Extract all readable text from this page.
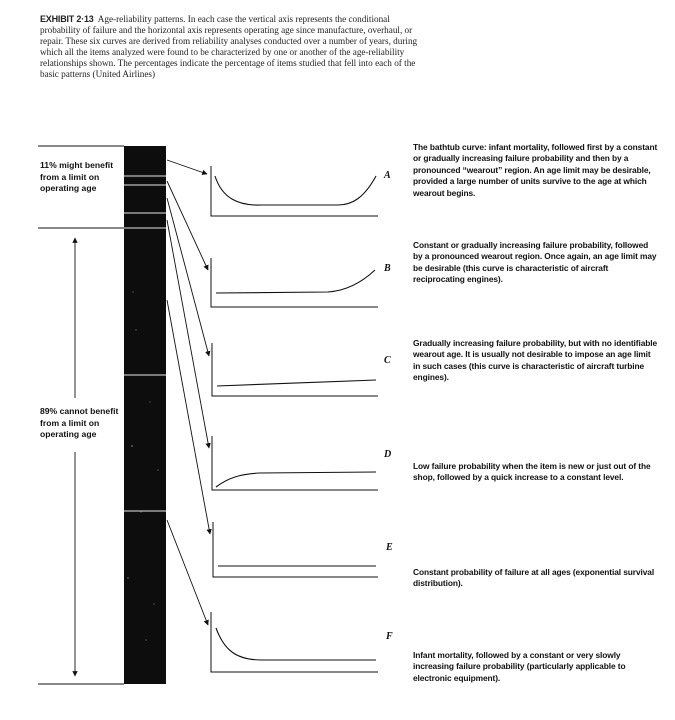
EXHIBIT 2·13 Age-reliability patterns. In each case the vertical axis represents the conditional probability of failure and the horizontal axis represents operating age since manufacture, overhaul, or repair. These six curves are derived from reliability analyses conducted over a number of years, during which all the items analyzed were found to be characterized by one or another of the age-reliability relationships shown. The percentages indicate the percentage of items studied that fell into each of the basic patterns (United Airlines)
11% might benefit from a limit on operating age
89% cannot benefit from a limit on operating age
A
B
C
D
E
F
The bathtub curve: infant mortality, followed first by a constant or gradually increasing failure probability and then by a pronounced “wearout” region. An age limit may be desirable, provided a large number of units survive to the age at which wearout begins.
Constant or gradually increasing failure probability, followed by a pronounced wearout region. Once again, an age limit may be desirable (this curve is characteristic of aircraft reciprocating engines).
Gradually increasing failure probability, but with no identifiable wearout age. It is usually not desirable to impose an age limit in such cases (this curve is characteristic of aircraft turbine engines).
Low failure probability when the item is new or just out of the shop, followed by a quick increase to a constant level.
Constant probability of failure at all ages (exponential survival distribution).
Infant mortality, followed by a constant or very slowly increasing failure probability (particularly applicable to electronic equipment).
